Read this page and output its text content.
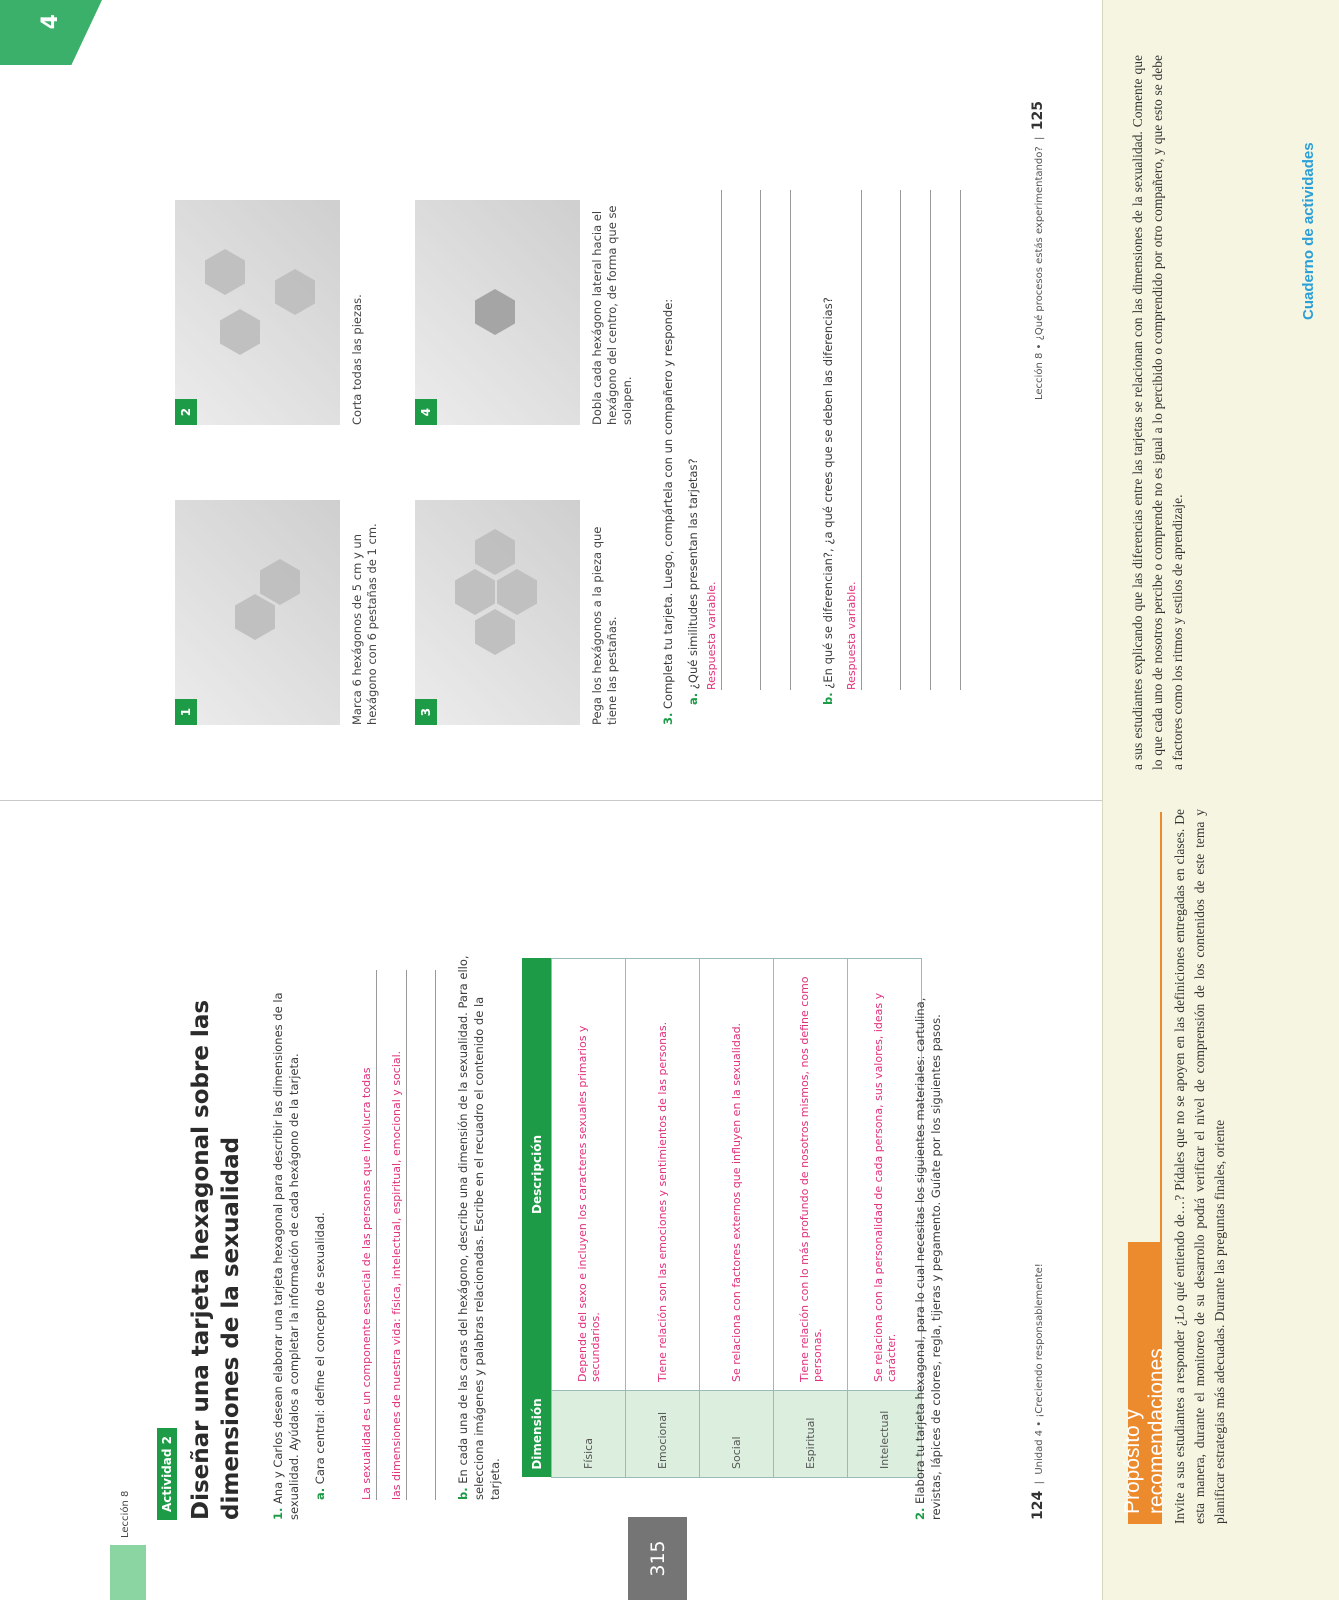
Lección 8
Actividad 2 Diseñar una tarjeta hexagonal sobre las dimensiones de la sexualidad 1. Ana y Carlos desean elaborar una tarjeta hexagonal para describir las dimensiones de la sexualidad. Ayúdalos a completar la información de cada hexágono de la tarjeta. a. Cara central: define el concepto de sexualidad.	La sexualidad es un componente esencial de las personas que involucra todas	las dimensiones de nuestra vida: física, intelectual, espiritual, emocional y social.	b. En cada una de las caras del hexágono, describe una dimensión de la sexualidad. Para ello, selecciona imágenes y palabras relacionadas. Escribe en el recuadro el contenido de la tarjeta.
Dimensión	Descripción
Física	Depende del sexo e incluyen los caracteres sexuales primarios y secundarios.
Emocional	Tiene relación son las emociones y sentimientos de las personas.
Social	Se relaciona con factores externos que influyen en la sexualidad.
Espiritual	Tiene relación con lo más profundo de nosotros mismos, nos define como personas.
Intelectual	Se relaciona con la personalidad de cada persona, sus valores, ideas y carácter.
2. Elabora tu tarjeta hexagonal, para lo cual necesitas los siguientes materiales: cartulina, revistas, lápices de colores, regla, tijeras y pegamento. Guíate por los siguientes pasos.	124  |  Unidad 4 • ¡Creciendo responsablemente!
315
4
1
2
Marca 6 hexágonos de 5 cm y un hexágono con 6 pestañas de 1 cm.
Corta todas las piezas.
3
4
Pega los hexágonos a la pieza que tiene las pestañas.
Dobla cada hexágono lateral hacia el hexágono del centro, de forma que se solapen.
3. Completa tu tarjeta. Luego, compártela con un compañero y responde: a. ¿Qué similitudes presentan las tarjetas? Respuesta variable.
b. ¿En qué se diferencian?, ¿a qué crees que se deben las diferencias? Respuesta variable.
Lección 8 • ¿Qué procesos estás experimentando?  |  125
Propósito y recomendaciones Invite a sus estudiantes a responder ¿Lo qué entiendo de…? Pídales que no se apoyen en las definiciones entregadas en clases. De esta manera, durante el monitoreo de su desarrollo podrá verificar el nivel de comprensión de los contenidos de este tema y planificar estrategias más adecuadas. Durante las preguntas finales, oriente
a sus estudiantes explicando que las diferencias entre las tarjetas se relacionan con las dimensiones de la sexualidad. Comente que lo que cada uno de nosotros percibe o comprende no es igual a lo percibido o comprendido por otro compañero, y que esto se debe a factores como los ritmos y estilos de aprendizaje.
Cuaderno de actividades
